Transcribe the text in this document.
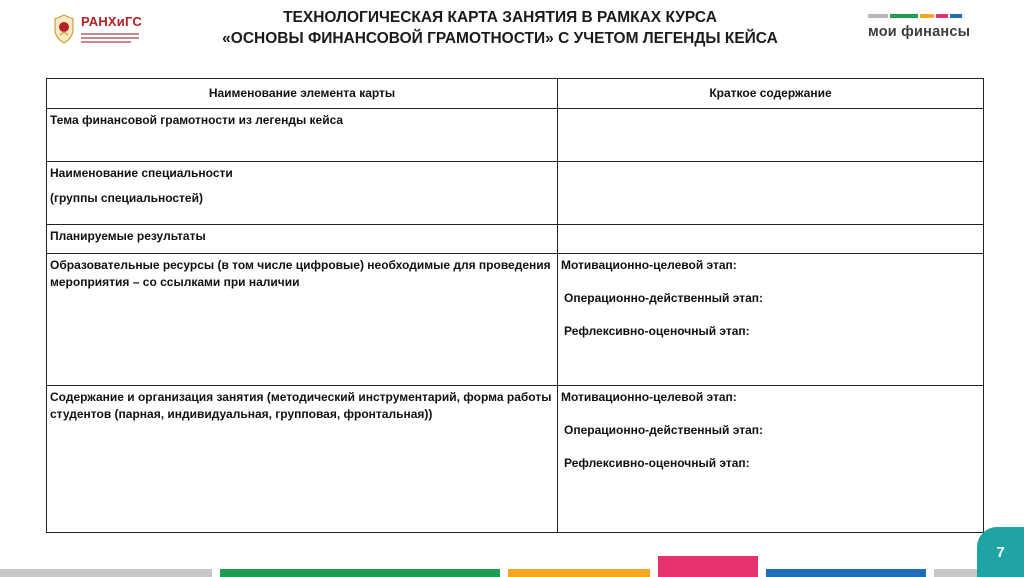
РАНХиГС	ТЕХНОЛОГИЧЕСКАЯ КАРТА ЗАНЯТИЯ В РАМКАХ КУРСА
«ОСНОВЫ ФИНАНСОВОЙ ГРАМОТНОСТИ» С УЧЕТОМ ЛЕГЕНДЫ КЕЙСА	мои финансы
Наименование элемента карты	Краткое содержание

Тема финансовой грамотности из легенды кейса	

Наименование специальности

(группы специальностей)	

Планируемые результаты	

Образовательные ресурсы (в том числе цифровые) необходимые для проведения мероприятия – со ссылками при наличии	Мотивационно-целевой этап:

Операционно-действенный этап:

Рефлексивно-оценочный этап:

Содержание и организация занятия (методический инструментарий, форма работы студентов (парная, индивидуальная, групповая, фронтальная))	Мотивационно-целевой этап:

Операционно-действенный этап:

Рефлексивно-оценочный этап:

7
